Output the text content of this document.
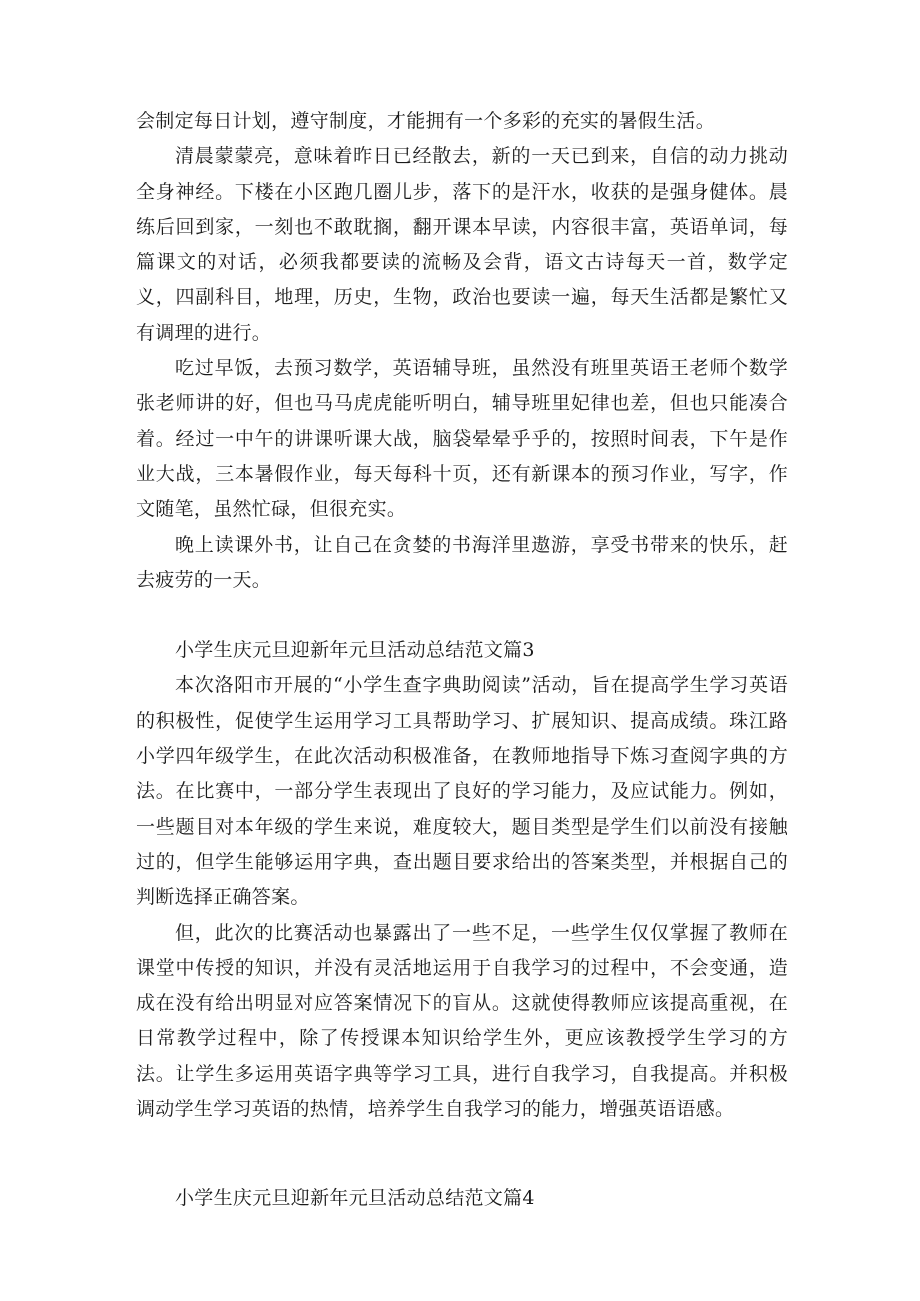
会制定每日计划，遵守制度，才能拥有一个多彩的充实的暑假生活。

清晨蒙蒙亮，意味着昨日已经散去，新的一天已到来，自信的动力挑动全身神经。下楼在小区跑几圈儿步，落下的是汗水，收获的是强身健体。晨练后回到家，一刻也不敢耽搁，翻开课本早读，内容很丰富，英语单词，每篇课文的对话，必须我都要读的流畅及会背，语文古诗每天一首，数学定义，四副科目，地理，历史，生物，政治也要读一遍，每天生活都是繁忙又有调理的进行。

吃过早饭，去预习数学，英语辅导班，虽然没有班里英语王老师个数学张老师讲的好，但也马马虎虎能听明白，辅导班里妃律也差，但也只能凑合着。经过一中午的讲课听课大战，脑袋晕晕乎乎的，按照时间表，下午是作业大战，三本暑假作业，每天每科十页，还有新课本的预习作业，写字，作文随笔，虽然忙碌，但很充实。

晚上读课外书，让自己在贪婪的书海洋里遨游，享受书带来的快乐，赶去疲劳的一天。

小学生庆元旦迎新年元旦活动总结范文篇3

本次洛阳市开展的“小学生查字典助阅读”活动，旨在提高学生学习英语的积极性，促使学生运用学习工具帮助学习、扩展知识、提高成绩。珠江路小学四年级学生，在此次活动积极准备，在教师地指导下炼习查阅字典的方法。在比赛中，一部分学生表现出了良好的学习能力，及应试能力。例如，一些题目对本年级的学生来说，难度较大，题目类型是学生们以前没有接触过的，但学生能够运用字典，查出题目要求给出的答案类型，并根据自己的判断选择正确答案。

但，此次的比赛活动也暴露出了一些不足，一些学生仅仅掌握了教师在课堂中传授的知识，并没有灵活地运用于自我学习的过程中，不会变通，造成在没有给出明显对应答案情况下的盲从。这就使得教师应该提高重视，在日常教学过程中，除了传授课本知识给学生外，更应该教授学生学习的方法。让学生多运用英语字典等学习工具，进行自我学习，自我提高。并积极调动学生学习英语的热情，培养学生自我学习的能力，增强英语语感。

小学生庆元旦迎新年元旦活动总结范文篇4
